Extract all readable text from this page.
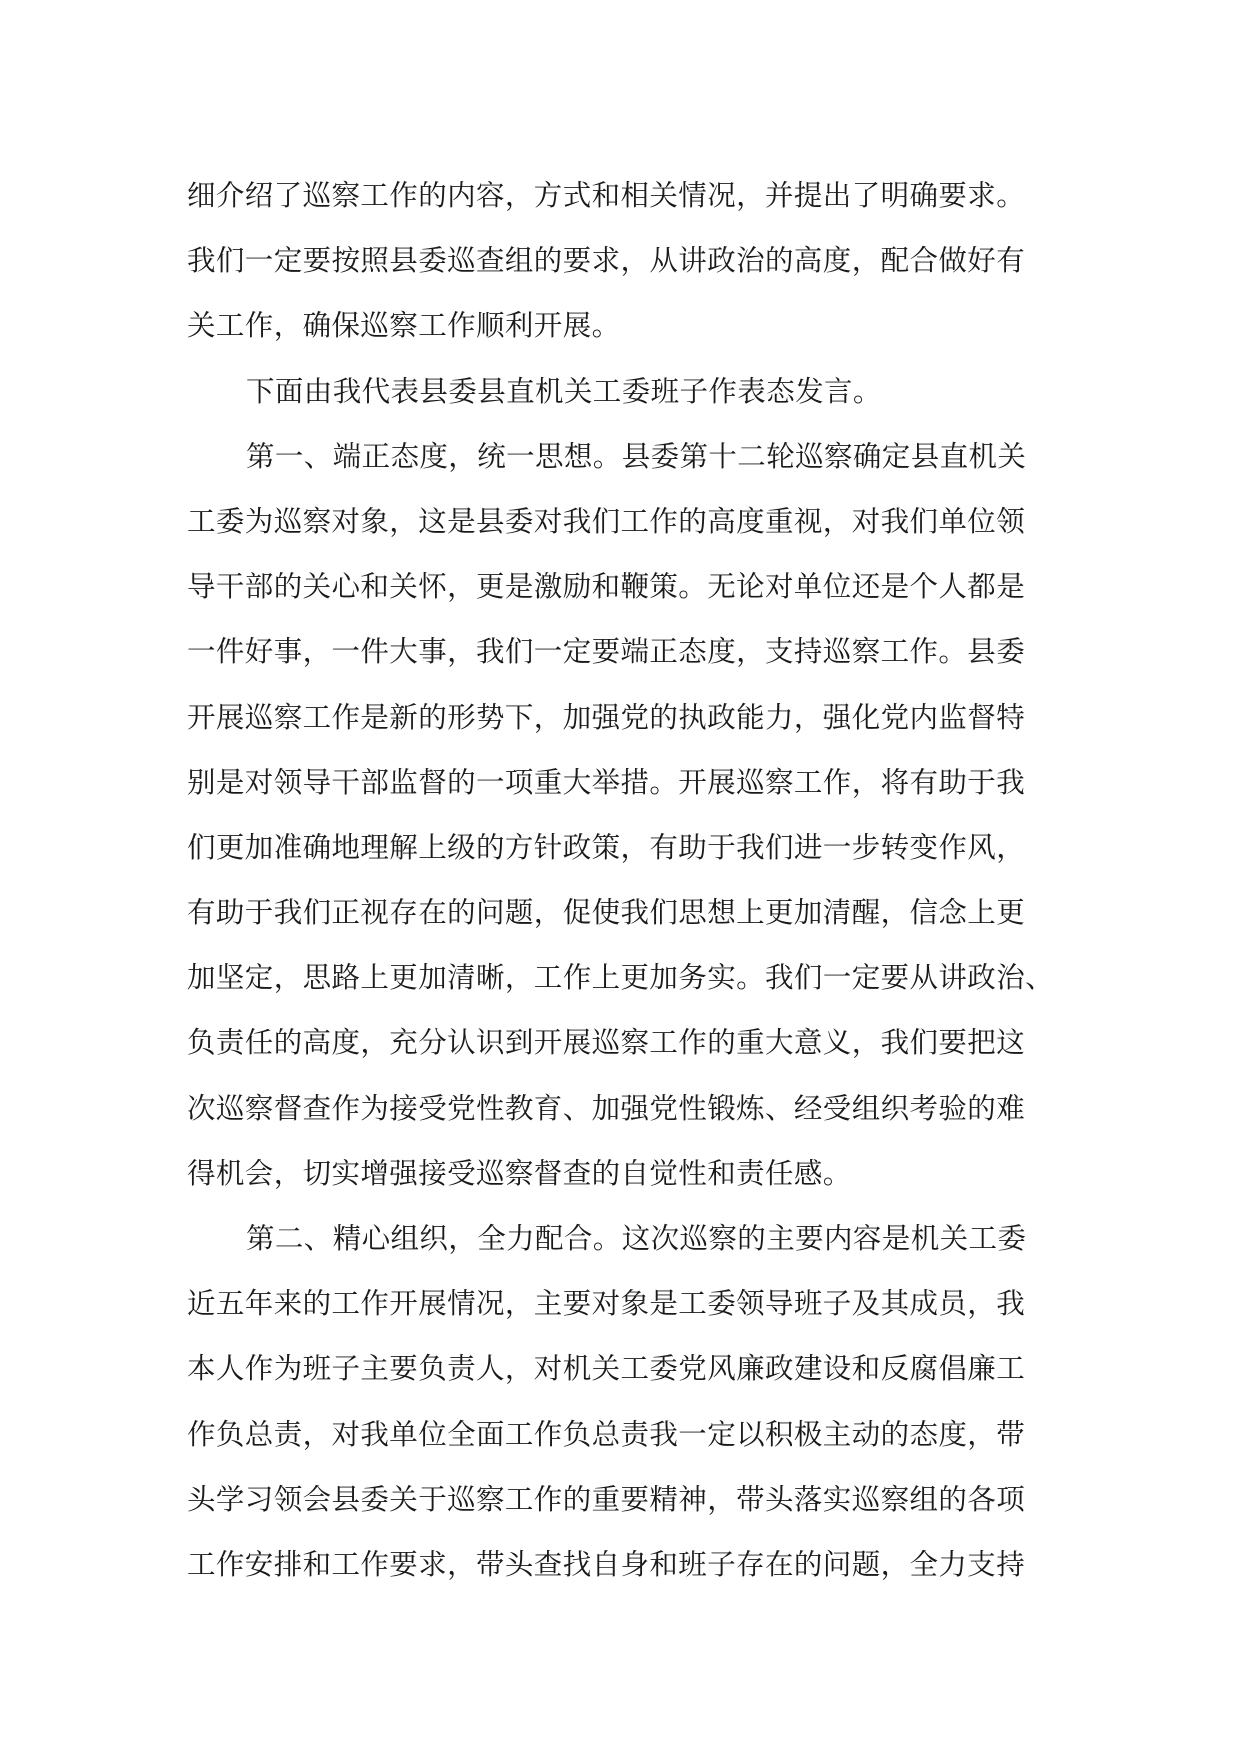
细介绍了巡察工作的内容，方式和相关情况，并提出了明确要求。
我们一定要按照县委巡查组的要求，从讲政治的高度，配合做好有
关工作，确保巡察工作顺利开展。
下面由我代表县委县直机关工委班子作表态发言。
第一、端正态度，统一思想。县委第十二轮巡察确定县直机关
工委为巡察对象，这是县委对我们工作的高度重视，对我们单位领
导干部的关心和关怀，更是激励和鞭策。无论对单位还是个人都是
一件好事，一件大事，我们一定要端正态度，支持巡察工作。县委
开展巡察工作是新的形势下，加强党的执政能力，强化党内监督特
别是对领导干部监督的一项重大举措。开展巡察工作，将有助于我
们更加准确地理解上级的方针政策，有助于我们进一步转变作风，
有助于我们正视存在的问题，促使我们思想上更加清醒，信念上更
加坚定，思路上更加清晰，工作上更加务实。我们一定要从讲政治、
负责任的高度，充分认识到开展巡察工作的重大意义，我们要把这
次巡察督查作为接受党性教育、加强党性锻炼、经受组织考验的难
得机会，切实增强接受巡察督查的自觉性和责任感。
第二、精心组织，全力配合。这次巡察的主要内容是机关工委
近五年来的工作开展情况，主要对象是工委领导班子及其成员，我
本人作为班子主要负责人，对机关工委党风廉政建设和反腐倡廉工
作负总责，对我单位全面工作负总责我一定以积极主动的态度，带
头学习领会县委关于巡察工作的重要精神，带头落实巡察组的各项
工作安排和工作要求，带头查找自身和班子存在的问题，全力支持
